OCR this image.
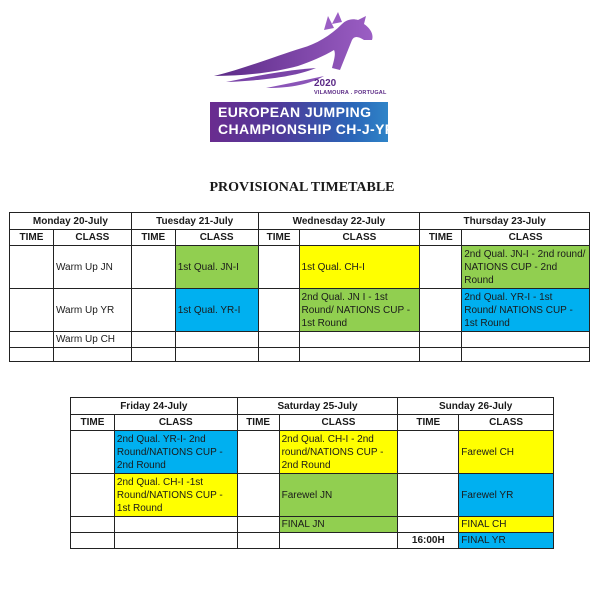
2020
VILAMOURA . PORTUGAL
EUROPEAN JUMPING
CHAMPIONSHIP CH-J-YR
PROVISIONAL TIMETABLE
Monday 20-July		Tuesday 21-July		Wednesday 22-July		Thursday 23-July	
TIME	CLASS	TIME	CLASS	TIME	CLASS	TIME	CLASS
	Warm Up JN		1st Qual. JN-I		1st Qual. CH-I		2nd Qual. JN-I - 2nd round/ NATIONS CUP - 2nd Round
	Warm Up YR		1st Qual. YR-I		2nd Qual. JN I - 1st Round/ NATIONS CUP - 1st Round		2nd Qual. YR-I - 1st Round/ NATIONS CUP - 1st Round
	Warm Up CH						

Friday 24-July		Saturday 25-July		Sunday 26-July	
TIME	CLASS	TIME	CLASS	TIME	CLASS
	2nd Qual. YR-I- 2nd Round/NATIONS CUP - 2nd Round		2nd Qual. CH-I - 2nd round/NATIONS CUP - 2nd Round		Farewel CH
	2nd Qual. CH-I -1st Round/NATIONS CUP - 1st Round		Farewel JN		Farewel YR
			FINAL JN		FINAL CH
				16:00H	FINAL YR
